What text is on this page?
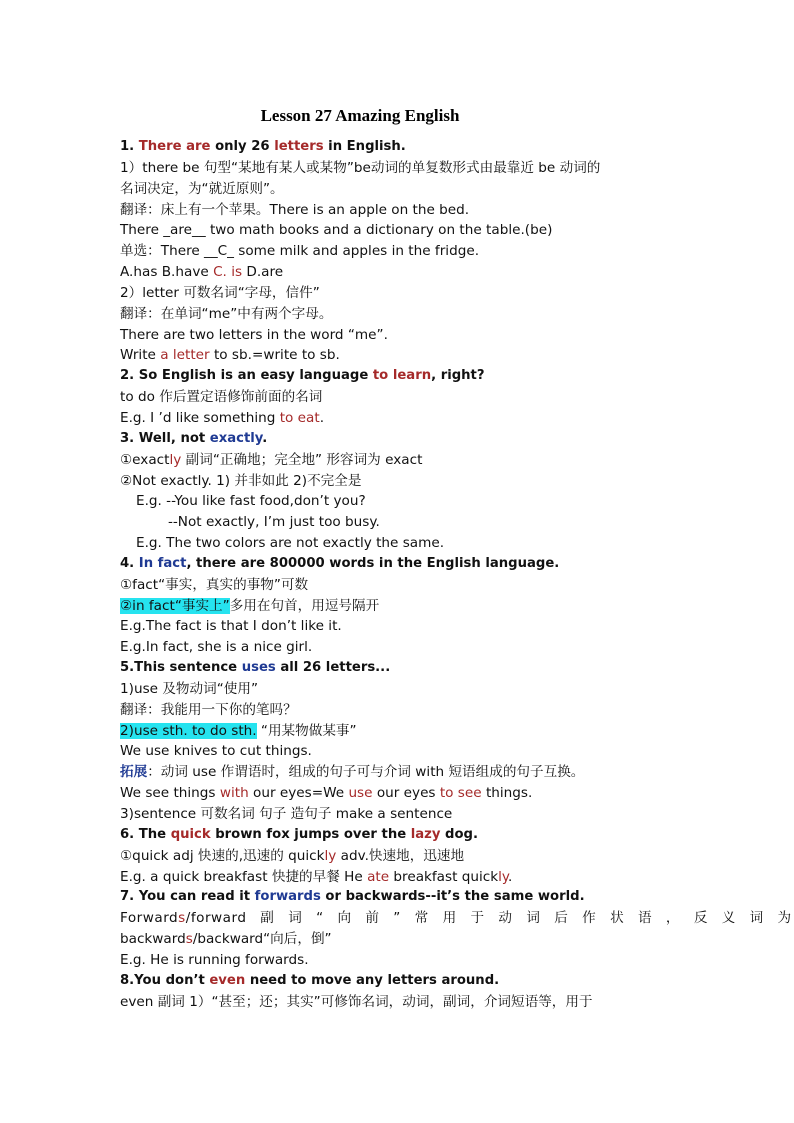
Lesson 27 Amazing English
1. There are only 26 letters in English.
1）there be 句型“某地有某人或某物”be动词的单复数形式由最靠近 be 动词的
名词决定，为“就近原则”。
翻译：床上有一个苹果。There is an apple on the bed.
There _are__ two math books and a dictionary on the table.(be)
单选：There __C_ some milk and apples in the fridge.
A.has B.have C. is D.are
2）letter 可数名词“字母，信件”
翻译：在单词“me”中有两个字母。
There are two letters in the word “me”.
Write a letter to sb.=write to sb.
2. So English is an easy language to learn, right?
to do 作后置定语修饰前面的名词
E.g. I ’d like something to eat.
3. Well, not exactly.
①exactly 副词“正确地；完全地” 形容词为 exact
②Not exactly. 1) 并非如此 2)不完全是
E.g. --You like fast food,don’t you?
--Not exactly, I’m just too busy.
E.g. The two colors are not exactly the same.
4. In fact, there are 800000 words in the English language.
①fact“事实，真实的事物”可数
②in fact“事实上”多用在句首，用逗号隔开
E.g.The fact is that I don’t like it.
E.g.In fact, she is a nice girl.
5.This sentence uses all 26 letters...
1)use 及物动词“使用”
翻译：我能用一下你的笔吗？
2)use sth. to do sth. “用某物做某事”
We use knives to cut things.
拓展：动词 use 作谓语时，组成的句子可与介词 with 短语组成的句子互换。
We see things with our eyes=We use our eyes to see things.
3)sentence 可数名词 句子 造句子 make a sentence
6. The quick brown fox jumps over the lazy dog.
①quick adj 快速的,迅速的 quickly adv.快速地，迅速地
E.g. a quick breakfast 快捷的早餐 He ate breakfast quickly.
7. You can read it forwards or backwards--it’s the same world.
Forwards/forward 副 词 “ 向 前 ” 常 用 于 动 词 后 作 状 语 ， 反 义 词 为
backwards/backward“向后，倒”
E.g. He is running forwards.
8.You don’t even need to move any letters around.
even 副词 1）“甚至；还；其实”可修饰名词，动词，副词，介词短语等，用于
